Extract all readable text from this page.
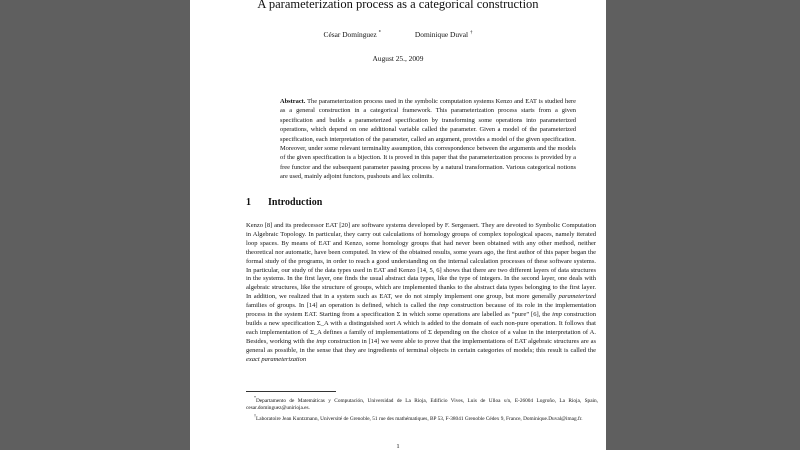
A parameterization process as a categorical construction
César Domínguez *	Dominique Duval †
August 25., 2009

Abstract. The parameterization process used in the symbolic computation systems Kenzo and EAT is studied here as a general construction in a categorical framework. This parameterization process starts from a given specification and builds a parameterized specification by transforming some operations into parameterized operations, which depend on one additional variable called the parameter. Given a model of the parameterized specification, each interpretation of the parameter, called an argument, provides a model of the given specification. Moreover, under some relevant terminality assumption, this correspondence between the arguments and the models of the given specification is a bijection. It is proved in this paper that the parameterization process is provided by a free functor and the subsequent parameter passing process by a natural transformation. Various categorical notions are used, mainly adjoint functors, pushouts and lax colimits.

1 Introduction

Kenzo [8] and its predecessor EAT [20] are software systems developed by F. Sergeraert. They are devoted to Symbolic Computation in Algebraic Topology. In particular, they carry out calculations of homology groups of complex topological spaces, namely iterated loop spaces. By means of EAT and Kenzo, some homology groups that had never been obtained with any other method, neither theoretical nor automatic, have been computed. In view of the obtained results, some years ago, the first author of this paper began the formal study of the programs, in order to reach a good understanding on the internal calculation processes of these software systems. In particular, our study of the data types used in EAT and Kenzo [14, 5, 6] shows that there are two different layers of data structures in the systems. In the first layer, one finds the usual abstract data types, like the type of integers. In the second layer, one deals with algebraic structures, like the structure of groups, which are implemented thanks to the abstract data types belonging to the first layer. In addition, we realized that in a system such as EAT, we do not simply implement one group, but more generally parameterized families of groups. In [14] an operation is defined, which is called the imp construction because of its role in the implementation process in the system EAT. Starting from a specification Σ in which some operations are labelled as “pure” [6], the imp construction builds a new specification Σ_A with a distinguished sort A which is added to the domain of each non-pure operation. It follows that each implementation of Σ_A defines a family of implementations of Σ depending on the choice of a value in the interpretation of A. Besides, working with the imp construction in [14] we were able to prove that the implementations of EAT algebraic structures are as general as possible, in the sense that they are ingredients of terminal objects in certain categories of models; this result is called the exact parameterization

*Departamento de Matemáticas y Computación, Universidad de La Rioja, Edificio Vives, Luis de Ulloa s/n, E-26004 Logroño, La Rioja, Spain, cesar.dominguez@unirioja.es.

†Laboratoire Jean Kuntzmann, Université de Grenoble, 51 rue des mathématiques, BP 53, F-38041 Grenoble Cédex 9, France, Dominique.Duval@imag.fr.

1
